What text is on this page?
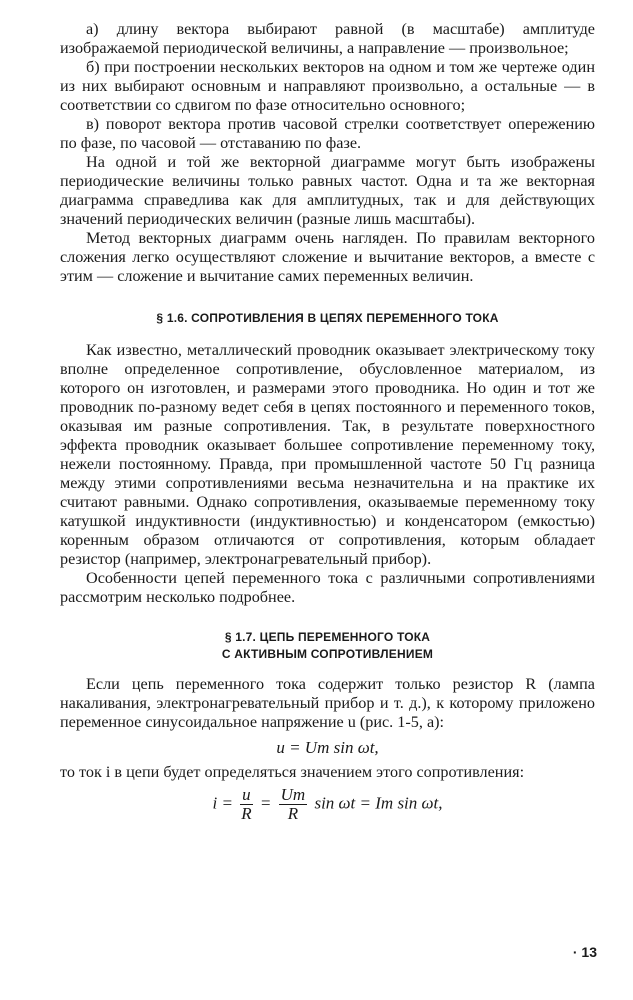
а) длину вектора выбирают равной (в масштабе) амплитуде изображаемой периодической величины, а направление — произвольное;

б) при построении нескольких векторов на одном и том же чертеже один из них выбирают основным и направляют произвольно, а остальные — в соответствии со сдвигом по фазе относительно основного;

в) поворот вектора против часовой стрелки соответствует опережению по фазе, по часовой — отставанию по фазе.

На одной и той же векторной диаграмме могут быть изображены периодические величины только равных частот. Одна и та же векторная диаграмма справедлива как для амплитудных, так и для действующих значений периодических величин (разные лишь масштабы).

Метод векторных диаграмм очень нагляден. По правилам векторного сложения легко осуществляют сложение и вычитание векторов, а вместе с этим — сложение и вычитание самих переменных величин.

§ 1.6. СОПРОТИВЛЕНИЯ В ЦЕПЯХ ПЕРЕМЕННОГО ТОКА

Как известно, металлический проводник оказывает электрическому току вполне определенное сопротивление, обусловленное материалом, из которого он изготовлен, и размерами этого проводника. Но один и тот же проводник по-разному ведет себя в цепях постоянного и переменного токов, оказывая им разные сопротивления. Так, в результате поверхностного эффекта проводник оказывает большее сопротивление переменному току, нежели постоянному. Правда, при промышленной частоте 50 Гц разница между этими сопротивлениями весьма незначительна и на практике их считают равными. Однако сопротивления, оказываемые переменному току катушкой индуктивности (индуктивностью) и конденсатором (емкостью) коренным образом отличаются от сопротивления, которым обладает резистор (например, электронагревательный прибор).

Особенности цепей переменного тока с различными сопротивлениями рассмотрим несколько подробнее.

§ 1.7. ЦЕПЬ ПЕРЕМЕННОГО ТОКА
С АКТИВНЫМ СОПРОТИВЛЕНИЕМ

Если цепь переменного тока содержит только резистор R (лампа накаливания, электронагревательный прибор и т. д.), к которому приложено переменное синусоидальное напряжение u (рис. 1-5, а):

u = Um sin ωt,

то ток i в цепи будет определяться значением этого сопротивления:

$i = \frac{u}{R} = \frac{Um}{R}$ sin ωt = Im sin ωt,
· 13
